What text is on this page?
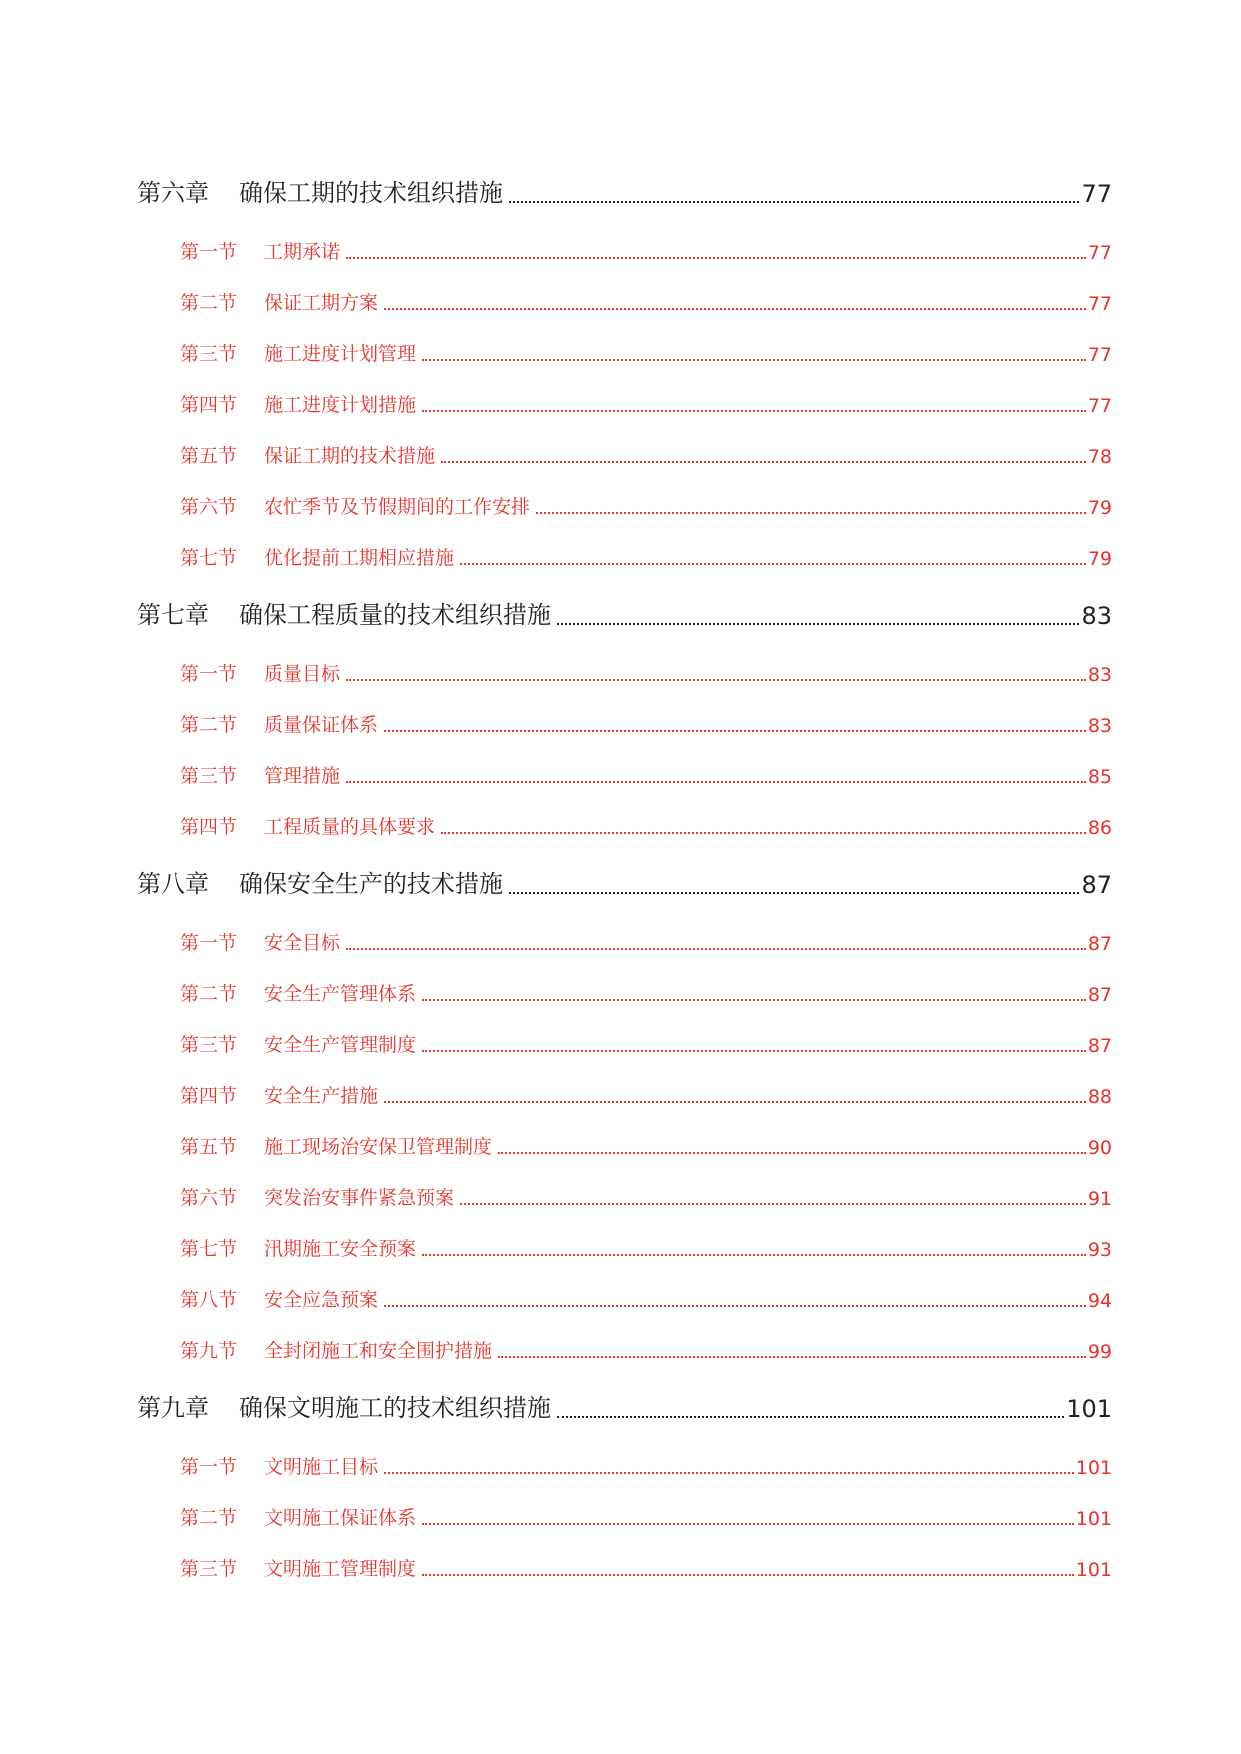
第六章	确保工期的技术组织措施	77
第一节	工期承诺	77
第二节	保证工期方案	77
第三节	施工进度计划管理	77
第四节	施工进度计划措施	77
第五节	保证工期的技术措施	78
第六节	农忙季节及节假期间的工作安排	79
第七节	优化提前工期相应措施	79
第七章	确保工程质量的技术组织措施	83
第一节	质量目标	83
第二节	质量保证体系	83
第三节	管理措施	85
第四节	工程质量的具体要求	86
第八章	确保安全生产的技术措施	87
第一节	安全目标	87
第二节	安全生产管理体系	87
第三节	安全生产管理制度	87
第四节	安全生产措施	88
第五节	施工现场治安保卫管理制度	90
第六节	突发治安事件紧急预案	91
第七节	汛期施工安全预案	93
第八节	安全应急预案	94
第九节	全封闭施工和安全围护措施	99
第九章	确保文明施工的技术组织措施	101
第一节	文明施工目标	101
第二节	文明施工保证体系	101
第三节	文明施工管理制度	101
